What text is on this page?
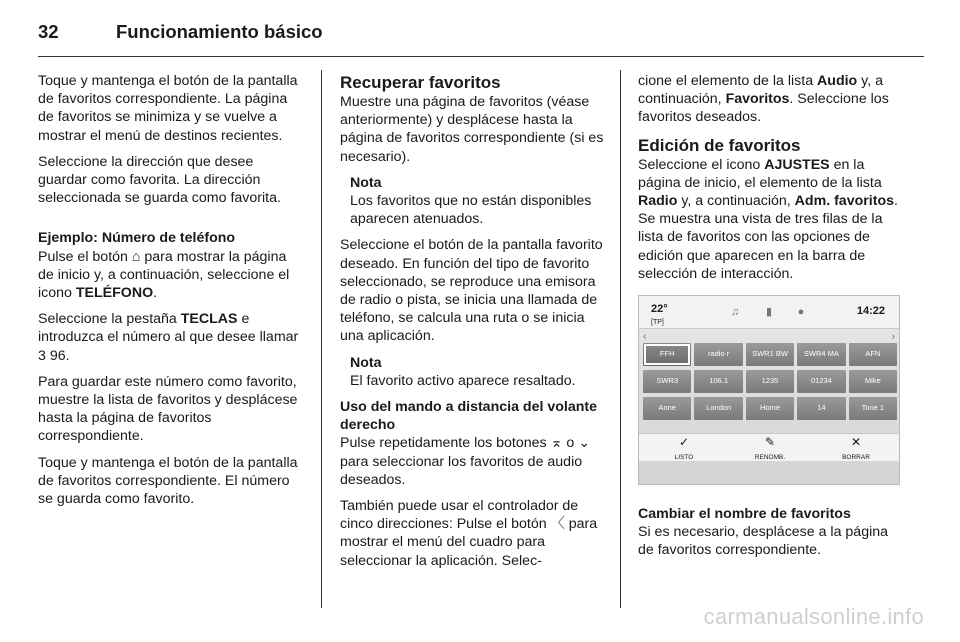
32	Funcionamiento básico

Toque y mantenga el botón de la pantalla de favoritos correspondiente. La página de favoritos se minimiza y se vuelve a mostrar el menú de destinos recientes.

Seleccione la dirección que desee guardar como favorita. La dirección seleccionada se guarda como favorita.

Ejemplo: Número de teléfono

Pulse el botón ⌂ para mostrar la página de inicio y, a continuación, seleccione el icono TELÉFONO.

Seleccione la pestaña TECLAS e introduzca el número al que desee llamar 3 96.

Para guardar este número como favorito, muestre la lista de favoritos y desplácese hasta la página de favoritos correspondiente.

Toque y mantenga el botón de la pantalla de favoritos correspondiente. El número se guarda como favorito.

Recuperar favoritos

Muestre una página de favoritos (véase anteriormente) y desplácese hasta la página de favoritos correspondiente (si es necesario).

Nota
Los favoritos que no están disponibles aparecen atenuados.

Seleccione el botón de la pantalla favorito deseado. En función del tipo de favorito seleccionado, se reproduce una emisora de radio o pista, se inicia una llamada de teléfono, se calcula una ruta o se inicia una aplicación.

Nota
El favorito activo aparece resaltado.
Uso del mando a distancia del volante derecho

Pulse repetidamente los botones ⌅ o ⌄ para seleccionar los favoritos de audio deseados.

También puede usar el controlador de cinco direcciones: Pulse el botón 〈 para mostrar el menú del cuadro para seleccionar la aplicación. Selec-

cione el elemento de la lista Audio y, a continuación, Favoritos. Seleccione los favoritos deseados.

Edición de favoritos

Seleccione el icono AJUSTES en la página de inicio, el elemento de la lista Radio y, a continuación, Adm. favoritos. Se muestra una vista de tres filas de la lista de favoritos con las opciones de edición que aparecen en la barra de selección de interacción.

22°
[TP]
♫	▮	●	14:22
‹	›
FFH	radio r	SWR1 BW	SWR4 MA	AFN
SWR3	106.1	1235	01234	Mike
Anne	London	Home	14	Tone 1
✓
LISTO
✎
RENOMB.
✕
BORRAR
Cambiar el nombre de favoritos

Si es necesario, desplácese a la página de favoritos correspondiente.

carmanualsonline.info
